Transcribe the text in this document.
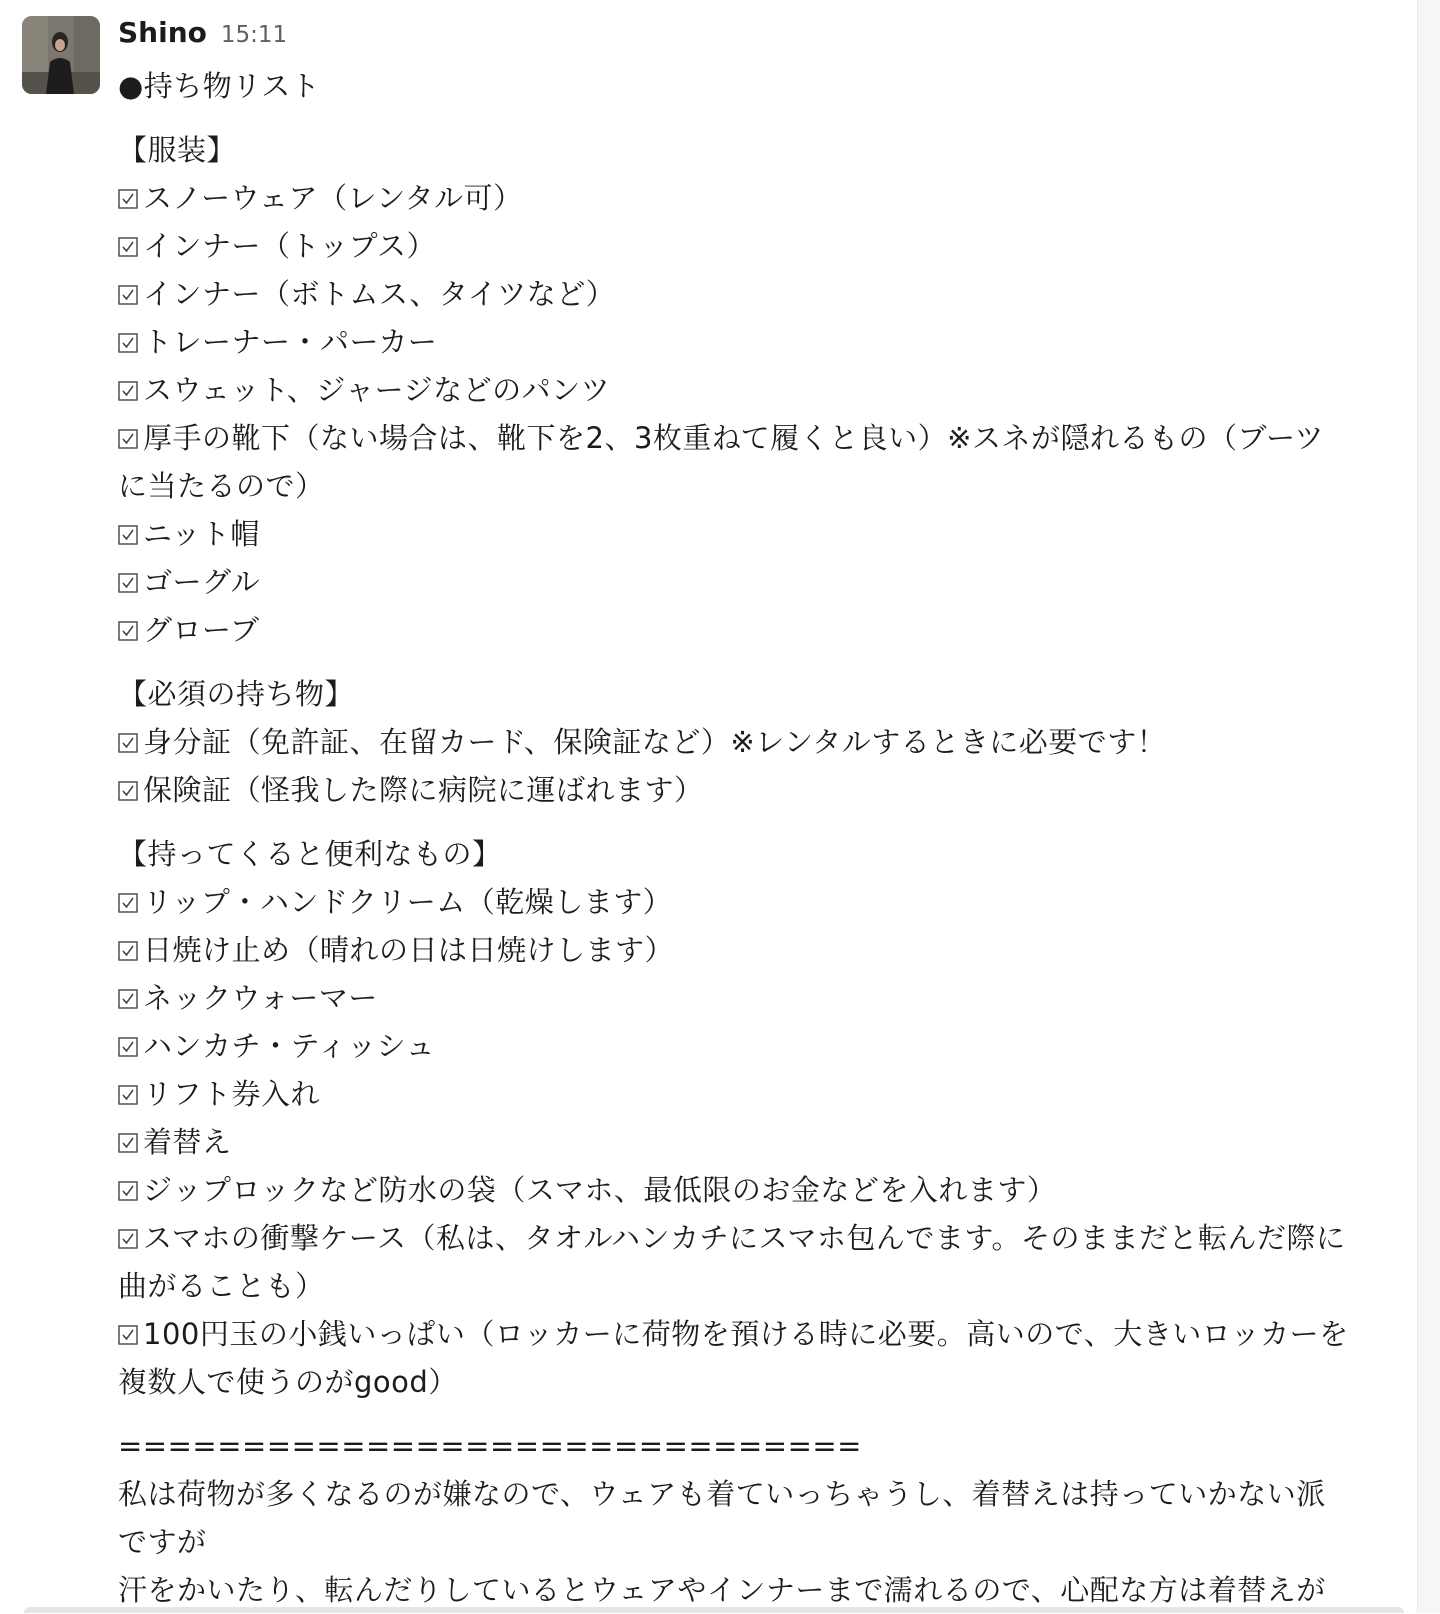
Shino 15:11
●持ち物リスト
【服装】
スノーウェア（レンタル可）
インナー（トップス）
インナー（ボトムス、タイツなど）
トレーナー・パーカー
スウェット、ジャージなどのパンツ
厚手の靴下（ない場合は、靴下を2、3枚重ねて履くと良い）※スネが隠れるもの（ブーツ
に当たるので）
ニット帽
ゴーグル
グローブ
【必須の持ち物】
身分証（免許証、在留カード、保険証など）※レンタルするときに必要です！
保険証（怪我した際に病院に運ばれます）
【持ってくると便利なもの】
リップ・ハンドクリーム（乾燥します）
日焼け止め（晴れの日は日焼けします）
ネックウォーマー
ハンカチ・ティッシュ
リフト券入れ
着替え
ジップロックなど防水の袋（スマホ、最低限のお金などを入れます）
スマホの衝撃ケース（私は、タオルハンカチにスマホ包んでます。そのままだと転んだ際に
曲がることも）
100円玉の小銭いっぱい（ロッカーに荷物を預ける時に必要。高いので、大きいロッカーを
複数人で使うのがgood）
==============================
私は荷物が多くなるのが嫌なので、ウェアも着ていっちゃうし、着替えは持っていかない派
ですが
汗をかいたり、転んだりしているとウェアやインナーまで濡れるので、心配な方は着替えが
